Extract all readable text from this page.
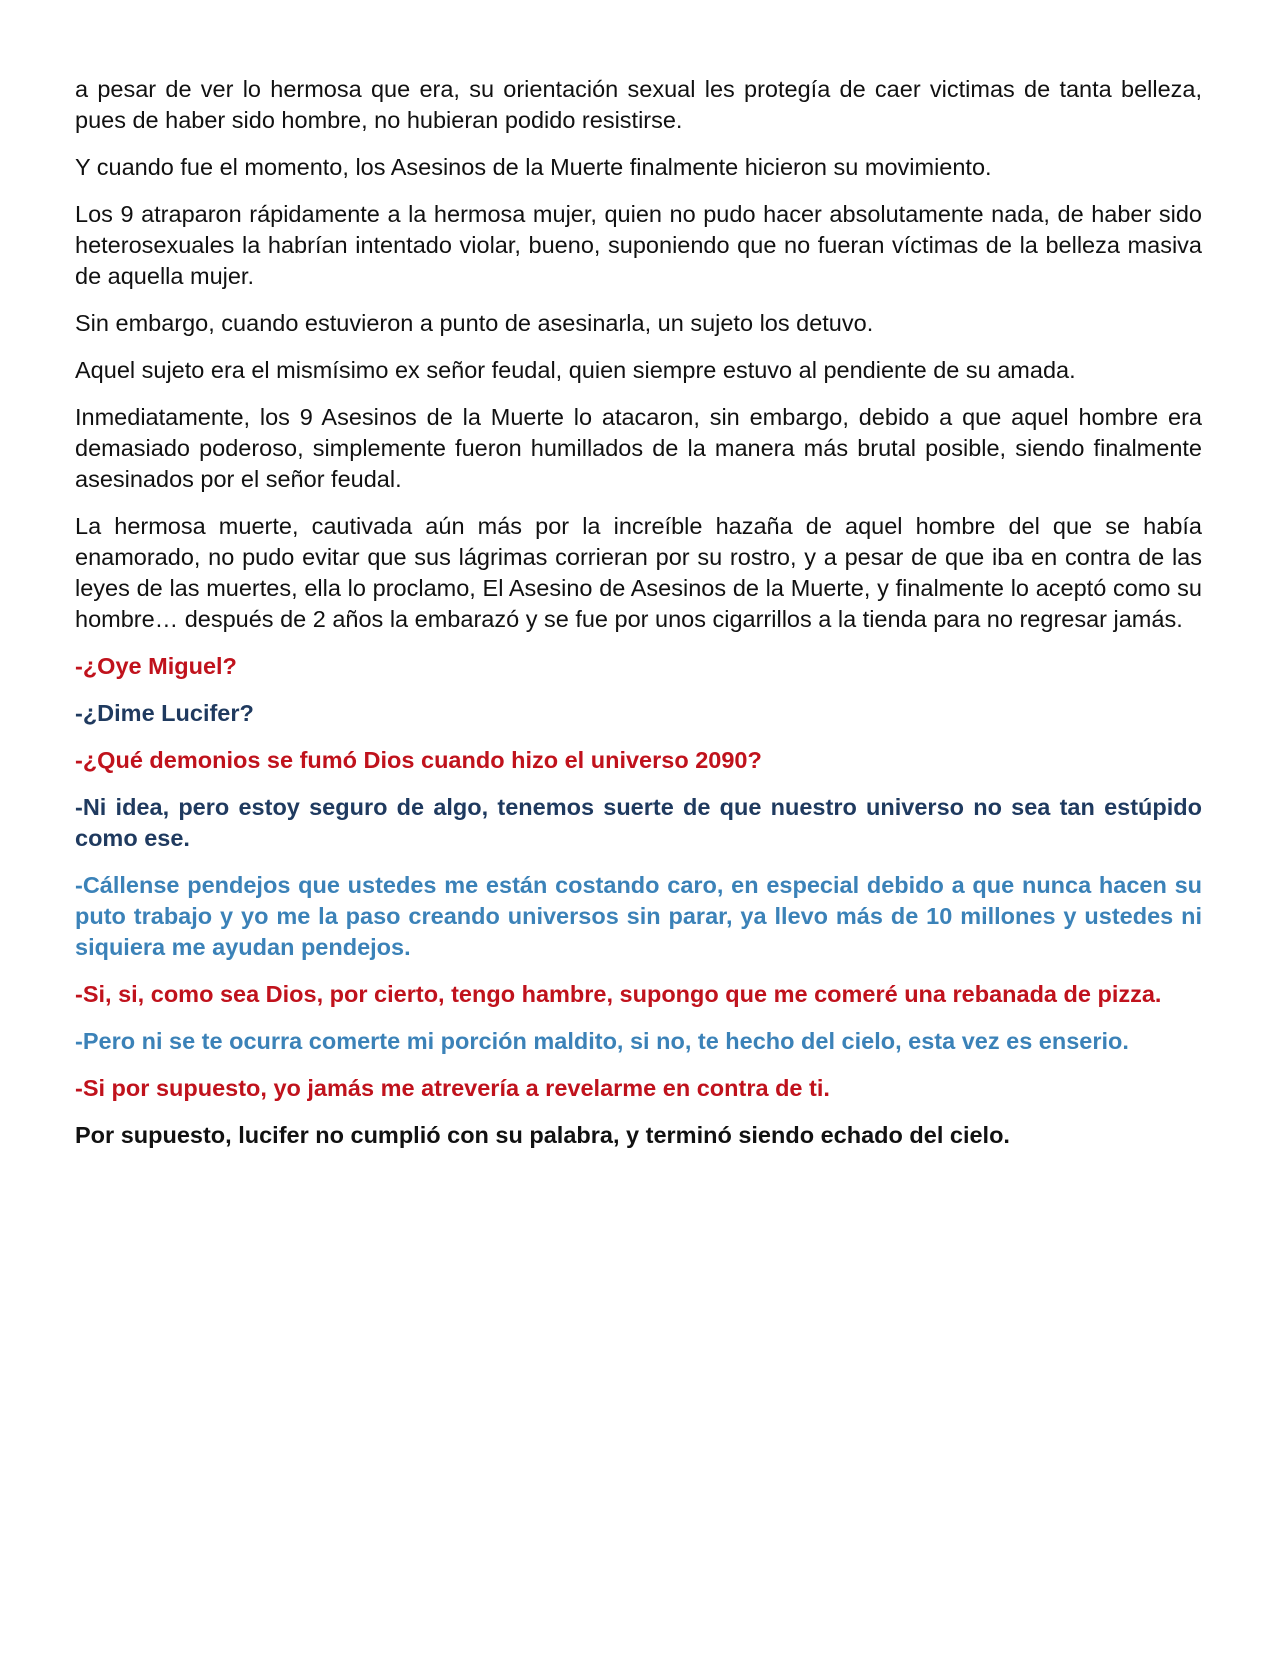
a pesar de ver lo hermosa que era, su orientación sexual les protegía de caer victimas de tanta belleza, pues de haber sido hombre, no hubieran podido resistirse.

Y cuando fue el momento, los Asesinos de la Muerte finalmente hicieron su movimiento.

Los 9 atraparon rápidamente a la hermosa mujer, quien no pudo hacer absolutamente nada, de haber sido heterosexuales la habrían intentado violar, bueno, suponiendo que no fueran víctimas de la belleza masiva de aquella mujer.

Sin embargo, cuando estuvieron a punto de asesinarla, un sujeto los detuvo.

Aquel sujeto era el mismísimo ex señor feudal, quien siempre estuvo al pendiente de su amada.

Inmediatamente, los 9 Asesinos de la Muerte lo atacaron, sin embargo, debido a que aquel hombre era demasiado poderoso, simplemente fueron humillados de la manera más brutal posible, siendo finalmente asesinados por el señor feudal.

La hermosa muerte, cautivada aún más por la increíble hazaña de aquel hombre del que se había enamorado, no pudo evitar que sus lágrimas corrieran por su rostro, y a pesar de que iba en contra de las leyes de las muertes, ella lo proclamo, El Asesino de Asesinos de la Muerte, y finalmente lo aceptó como su hombre… después de 2 años la embarazó y se fue por unos cigarrillos a la tienda para no regresar jamás.

-¿Oye Miguel?

-¿Dime Lucifer?

-¿Qué demonios se fumó Dios cuando hizo el universo 2090?

-Ni idea, pero estoy seguro de algo, tenemos suerte de que nuestro universo no sea tan estúpido como ese.

-Cállense pendejos que ustedes me están costando caro, en especial debido a que nunca hacen su puto trabajo y yo me la paso creando universos sin parar, ya llevo más de 10 millones y ustedes ni siquiera me ayudan pendejos.

-Si, si, como sea Dios, por cierto, tengo hambre, supongo que me comeré una rebanada de pizza.

-Pero ni se te ocurra comerte mi porción maldito, si no, te hecho del cielo, esta vez es enserio.

-Si por supuesto, yo jamás me atrevería a revelarme en contra de ti.

Por supuesto, lucifer no cumplió con su palabra, y terminó siendo echado del cielo.
